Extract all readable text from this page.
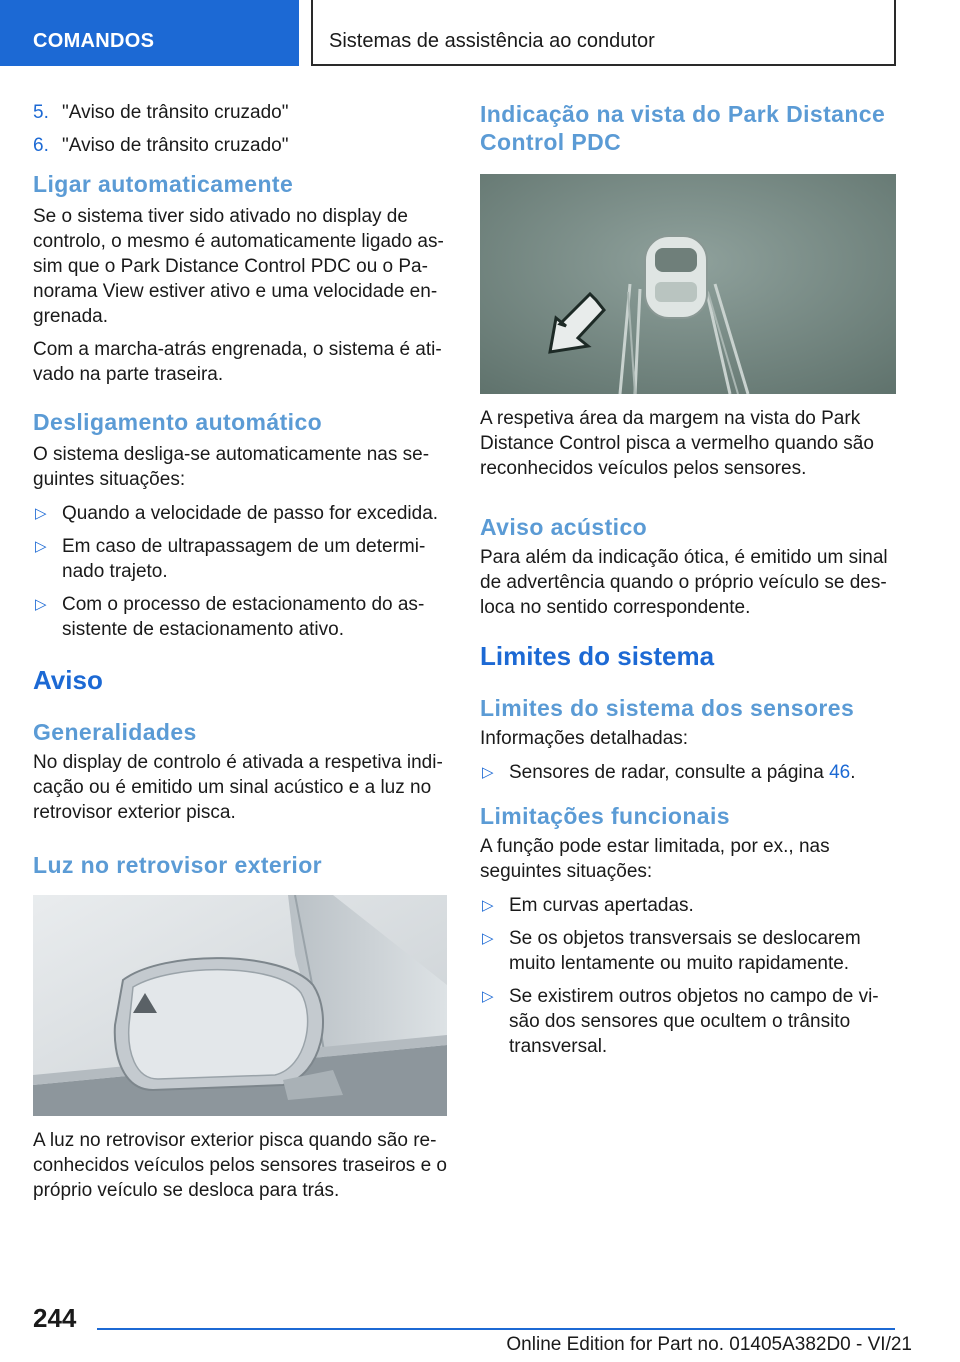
COMANDOS	Sistemas de assistência ao condutor
5. "Aviso de trânsito cruzado"
6. "Aviso de trânsito cruzado"
Ligar automaticamente

Se o sistema tiver sido ativado no display de controlo, o mesmo é automaticamente ligado assim que o Park Distance Control PDC ou o Panorama View estiver ativo e uma velocidade engrenada.

Com a marcha-atrás engrenada, o sistema é ativado na parte traseira.

Desligamento automático

O sistema desliga-se automaticamente nas seguintes situações:

▷ Quando a velocidade de passo for excedida.
▷ Em caso de ultrapassagem de um determinado trajeto.
▷ Com o processo de estacionamento do assistente de estacionamento ativo.
Aviso
Generalidades

No display de controlo é ativada a respetiva indicação ou é emitido um sinal acústico e a luz no retrovisor exterior pisca.

Luz no retrovisor exterior

A luz no retrovisor exterior pisca quando são reconhecidos veículos pelos sensores traseiros e o próprio veículo se desloca para trás.

Indicação na vista do Park Distance Control PDC

A respetiva área da margem na vista do Park Distance Control pisca a vermelho quando são reconhecidos veículos pelos sensores.

Aviso acústico

Para além da indicação ótica, é emitido um sinal de advertência quando o próprio veículo se desloca no sentido correspondente.

Limites do sistema
Limites do sistema dos sensores

Informações detalhadas:

▷ Sensores de radar, consulte a página 46.
Limitações funcionais

A função pode estar limitada, por ex., nas seguintes situações:

▷ Em curvas apertadas.
▷ Se os objetos transversais se deslocarem muito lentamente ou muito rapidamente.
▷ Se existirem outros objetos no campo de visão dos sensores que ocultem o trânsito transversal.
244
Online Edition for Part no. 01405A382D0 - VI/21
